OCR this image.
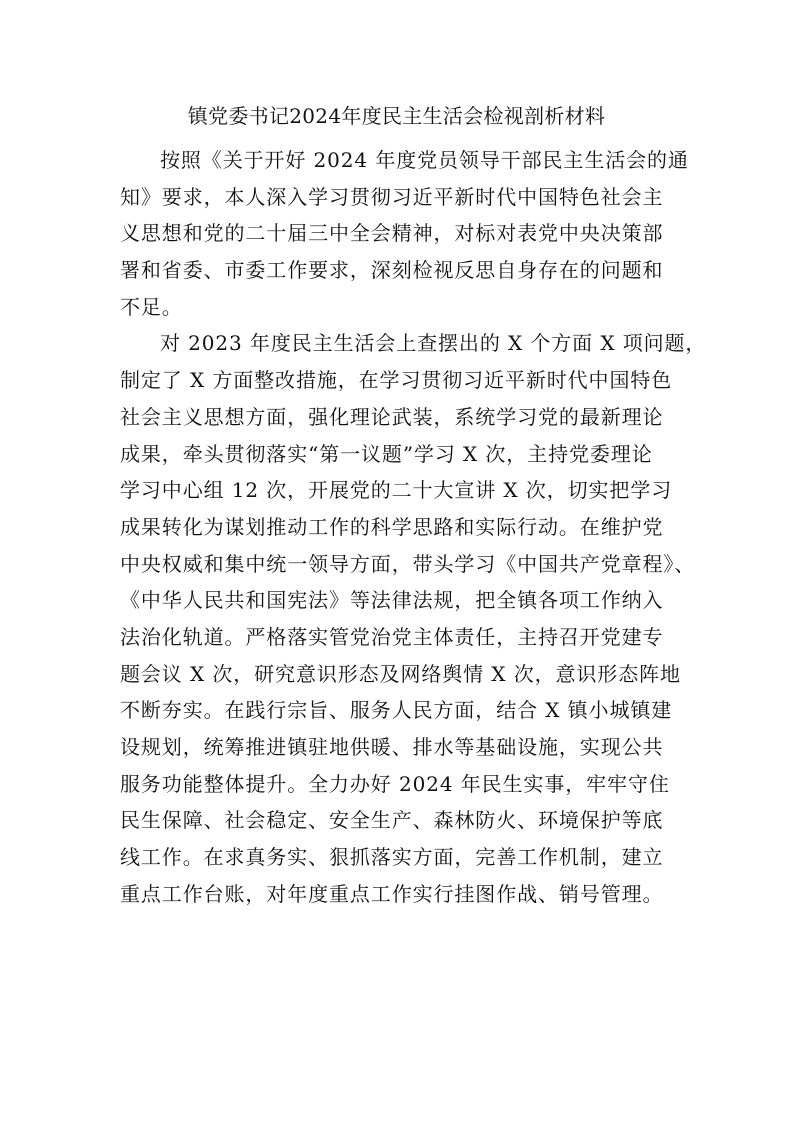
镇党委书记2024年度民主生活会检视剖析材料
按照《关于开好 2024 年度党员领导干部民主生活会的通
知》要求，本人深入学习贯彻习近平新时代中国特色社会主
义思想和党的二十届三中全会精神，对标对表党中央决策部
署和省委、市委工作要求，深刻检视反思自身存在的问题和
不足。
对 2023 年度民主生活会上查摆出的 X 个方面 X 项问题，
制定了 X 方面整改措施，在学习贯彻习近平新时代中国特色
社会主义思想方面，强化理论武装，系统学习党的最新理论
成果，牵头贯彻落实“第一议题”学习 X 次，主持党委理论
学习中心组 12 次，开展党的二十大宣讲 X 次，切实把学习
成果转化为谋划推动工作的科学思路和实际行动。在维护党
中央权威和集中统一领导方面，带头学习《中国共产党章程》、
《中华人民共和国宪法》等法律法规，把全镇各项工作纳入
法治化轨道。严格落实管党治党主体责任，主持召开党建专
题会议 X 次，研究意识形态及网络舆情 X 次，意识形态阵地
不断夯实。在践行宗旨、服务人民方面，结合 X 镇小城镇建
设规划，统筹推进镇驻地供暖、排水等基础设施，实现公共
服务功能整体提升。全力办好 2024 年民生实事，牢牢守住
民生保障、社会稳定、安全生产、森林防火、环境保护等底
线工作。在求真务实、狠抓落实方面，完善工作机制，建立
重点工作台账，对年度重点工作实行挂图作战、销号管理。
